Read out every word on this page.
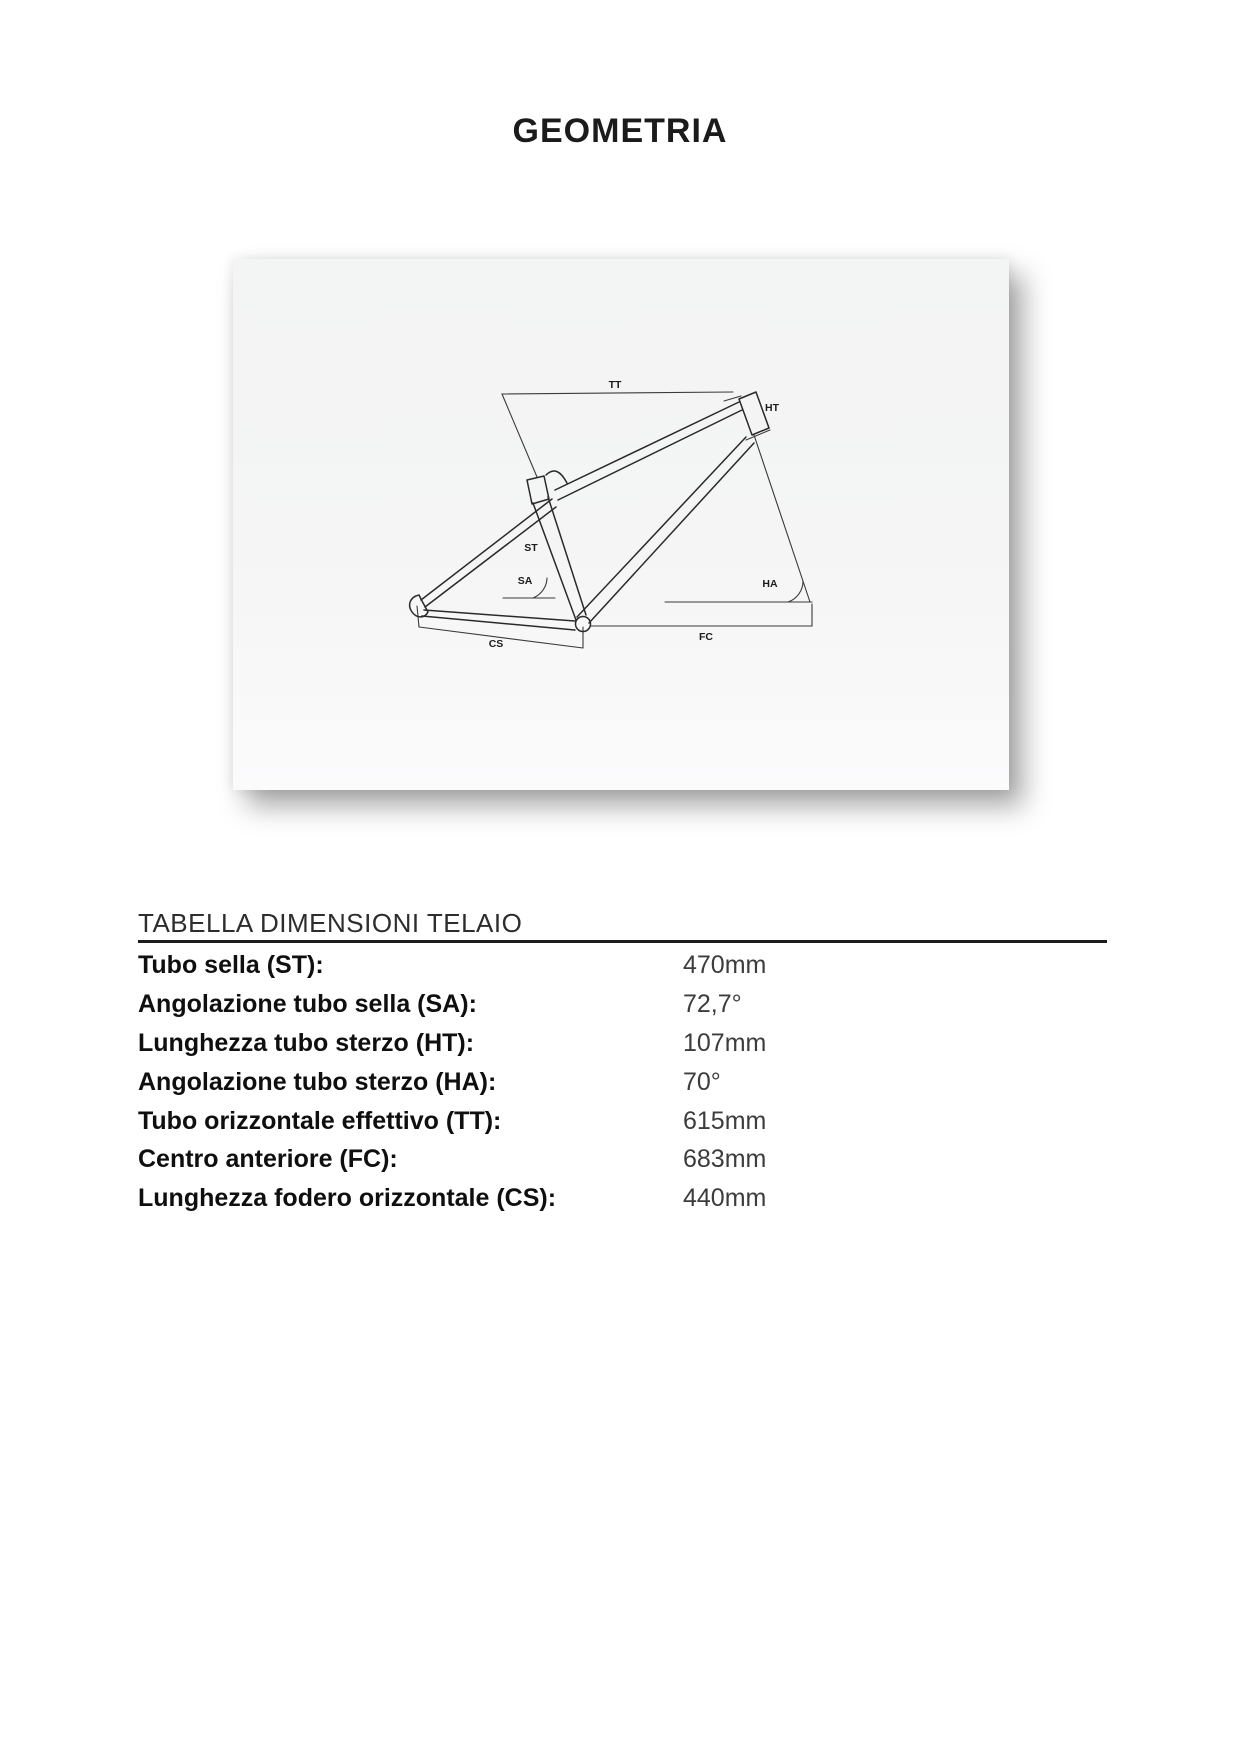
GEOMETRIA
TT
HT
ST
SA	HA
FC
CS
TABELLA DIMENSIONI TELAIO
Tubo sella (ST):	470mm
Angolazione tubo sella (SA):	72,7°
Lunghezza tubo sterzo (HT):	107mm
Angolazione tubo sterzo (HA):	70°
Tubo orizzontale effettivo (TT):	615mm
Centro anteriore (FC):	683mm
Lunghezza fodero orizzontale (CS):	440mm
